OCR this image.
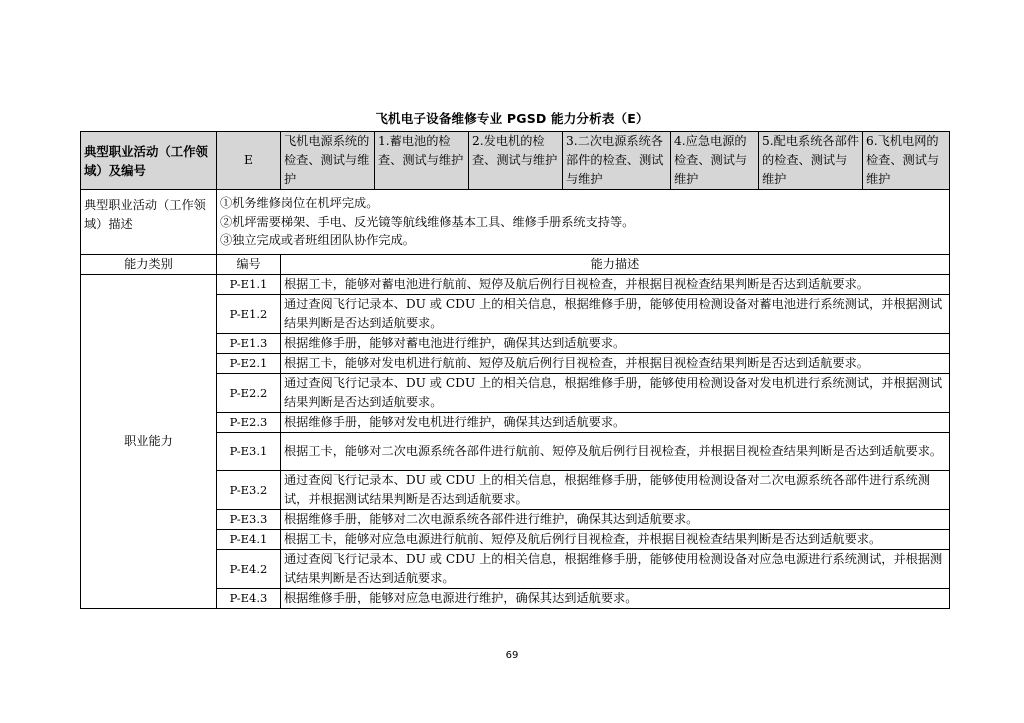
飞机电子设备维修专业 PGSD 能力分析表（E）
典型职业活动（工作领域）及编号	E	飞机电源系统的检查、测试与维护	1.蓄电池的检查、测试与维护	2.发电机的检查、测试与维护	3.二次电源系统各部件的检查、测试与维护	4.应急电源的检查、测试与维护	5.配电系统各部件的检查、测试与维护	6.飞机电网的检查、测试与维护
典型职业活动（工作领域）描述	①机务维修岗位在机坪完成。
②机坪需要梯架、手电、反光镜等航线维修基本工具、维修手册系统支持等。
③独立完成或者班组团队协作完成。							

能力类别	编号	能力描述						
职业能力	P-E1.1	根据工卡，能够对蓄电池进行航前、短停及航后例行目视检查，并根据目视检查结果判断是否达到适航要求。						
	P-E1.2	通过查阅飞行记录本、DU 或 CDU 上的相关信息，根据维修手册，能够使用检测设备对蓄电池进行系统测试，并根据测试结果判断是否达到适航要求。						
	P-E1.3	根据维修手册，能够对蓄电池进行维护，确保其达到适航要求。						
	P-E2.1	根据工卡，能够对发电机进行航前、短停及航后例行目视检查，并根据目视检查结果判断是否达到适航要求。						
	P-E2.2	通过查阅飞行记录本、DU 或 CDU 上的相关信息，根据维修手册，能够使用检测设备对发电机进行系统测试，并根据测试结果判断是否达到适航要求。						
	P-E2.3	根据维修手册，能够对发电机进行维护，确保其达到适航要求。						
	P-E3.1	根据工卡，能够对二次电源系统各部件进行航前、短停及航后例行目视检查，并根据目视检查结果判断是否达到适航要求。						
	P-E3.2	通过查阅飞行记录本、DU 或 CDU 上的相关信息，根据维修手册，能够使用检测设备对二次电源系统各部件进行系统测试，并根据测试结果判断是否达到适航要求。						
	P-E3.3	根据维修手册，能够对二次电源系统各部件进行维护，确保其达到适航要求。						
	P-E4.1	根据工卡，能够对应急电源进行航前、短停及航后例行目视检查，并根据目视检查结果判断是否达到适航要求。						
	P-E4.2	通过查阅飞行记录本、DU 或 CDU 上的相关信息，根据维修手册，能够使用检测设备对应急电源进行系统测试，并根据测试结果判断是否达到适航要求。						
	P-E4.3	根据维修手册，能够对应急电源进行维护，确保其达到适航要求。						
69
